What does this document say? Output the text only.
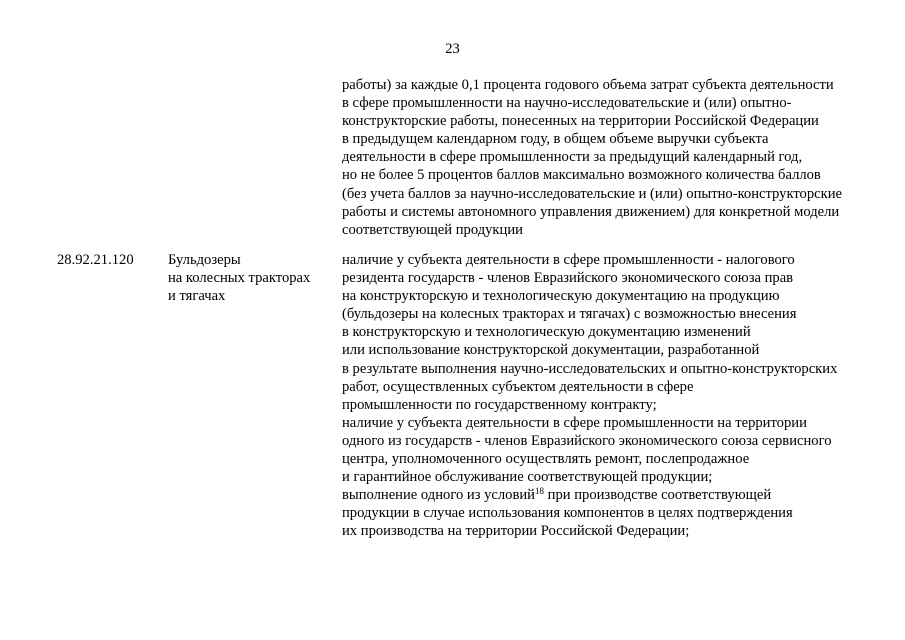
23
работы) за каждые 0,1 процента годового объема затрат субъекта деятельности
в сфере промышленности на научно-исследовательские и (или) опытно-
конструкторские работы, понесенных на территории Российской Федерации
в предыдущем календарном году, в общем объеме выручки субъекта
деятельности в сфере промышленности за предыдущий календарный год,
но не более 5 процентов баллов максимально возможного количества баллов
(без учета баллов за научно-исследовательские и (или) опытно-конструкторские
работы и системы автономного управления движением) для конкретной модели
соответствующей продукции
28.92.21.120 Бульдозеры
на колесных тракторах
и тягачах
наличие у субъекта деятельности в сфере промышленности - налогового
резидента государств - членов Евразийского экономического союза прав
на конструкторскую и технологическую документацию на продукцию
(бульдозеры на колесных тракторах и тягачах) с возможностью внесения
в конструкторскую и технологическую документацию изменений
или использование конструкторской документации, разработанной
в результате выполнения научно-исследовательских и опытно-конструкторских
работ, осуществленных субъектом деятельности в сфере
промышленности по государственному контракту;
наличие у субъекта деятельности в сфере промышленности на территории
одного из государств - членов Евразийского экономического союза сервисного
центра, уполномоченного осуществлять ремонт, послепродажное
и гарантийное обслуживание соответствующей продукции;
выполнение одного из условий$^{18}$ при производстве соответствующей
продукции в случае использования компонентов в целях подтверждения
их производства на территории Российской Федерации;
